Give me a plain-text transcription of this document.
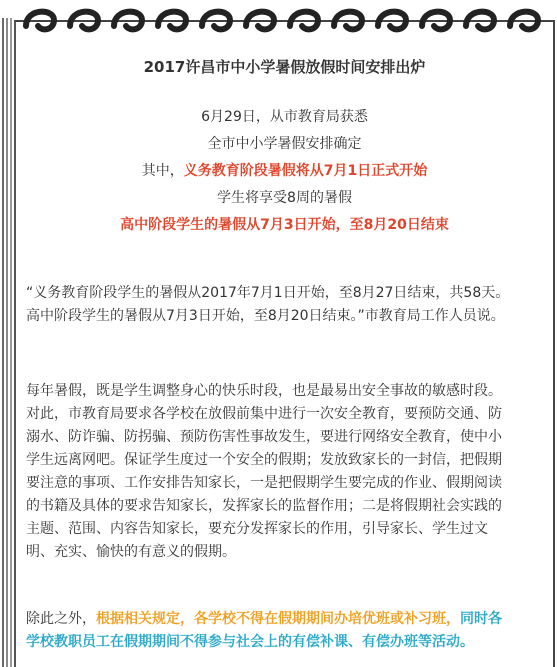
2017许昌市中小学暑假放假时间安排出炉
6月29日，从市教育局获悉
全市中小学暑假安排确定
其中，义务教育阶段暑假将从7月1日正式开始
学生将享受8周的暑假
高中阶段学生的暑假从7月3日开始，至8月20日结束
“义务教育阶段学生的暑假从2017年7月1日开始，至8月27日结束，共58天。
高中阶段学生的暑假从7月3日开始，至8月20日结束。”市教育局工作人员说。
每年暑假，既是学生调整身心的快乐时段，也是最易出安全事故的敏感时段。
对此，市教育局要求各学校在放假前集中进行一次安全教育，要预防交通、防
溺水、防诈骗、防拐骗、预防伤害性事故发生，要进行网络安全教育，使中小
学生远离网吧。保证学生度过一个安全的假期；发放致家长的一封信，把假期
要注意的事项、工作安排告知家长，一是把假期学生要完成的作业、假期阅读
的书籍及具体的要求告知家长，发挥家长的监督作用；二是将假期社会实践的
主题、范围、内容告知家长，要充分发挥家长的作用，引导家长、学生过文
明、充实、愉快的有意义的假期。
除此之外，根据相关规定，各学校不得在假期期间办培优班或补习班，同时各
学校教职员工在假期期间不得参与社会上的有偿补课、有偿办班等活动。
